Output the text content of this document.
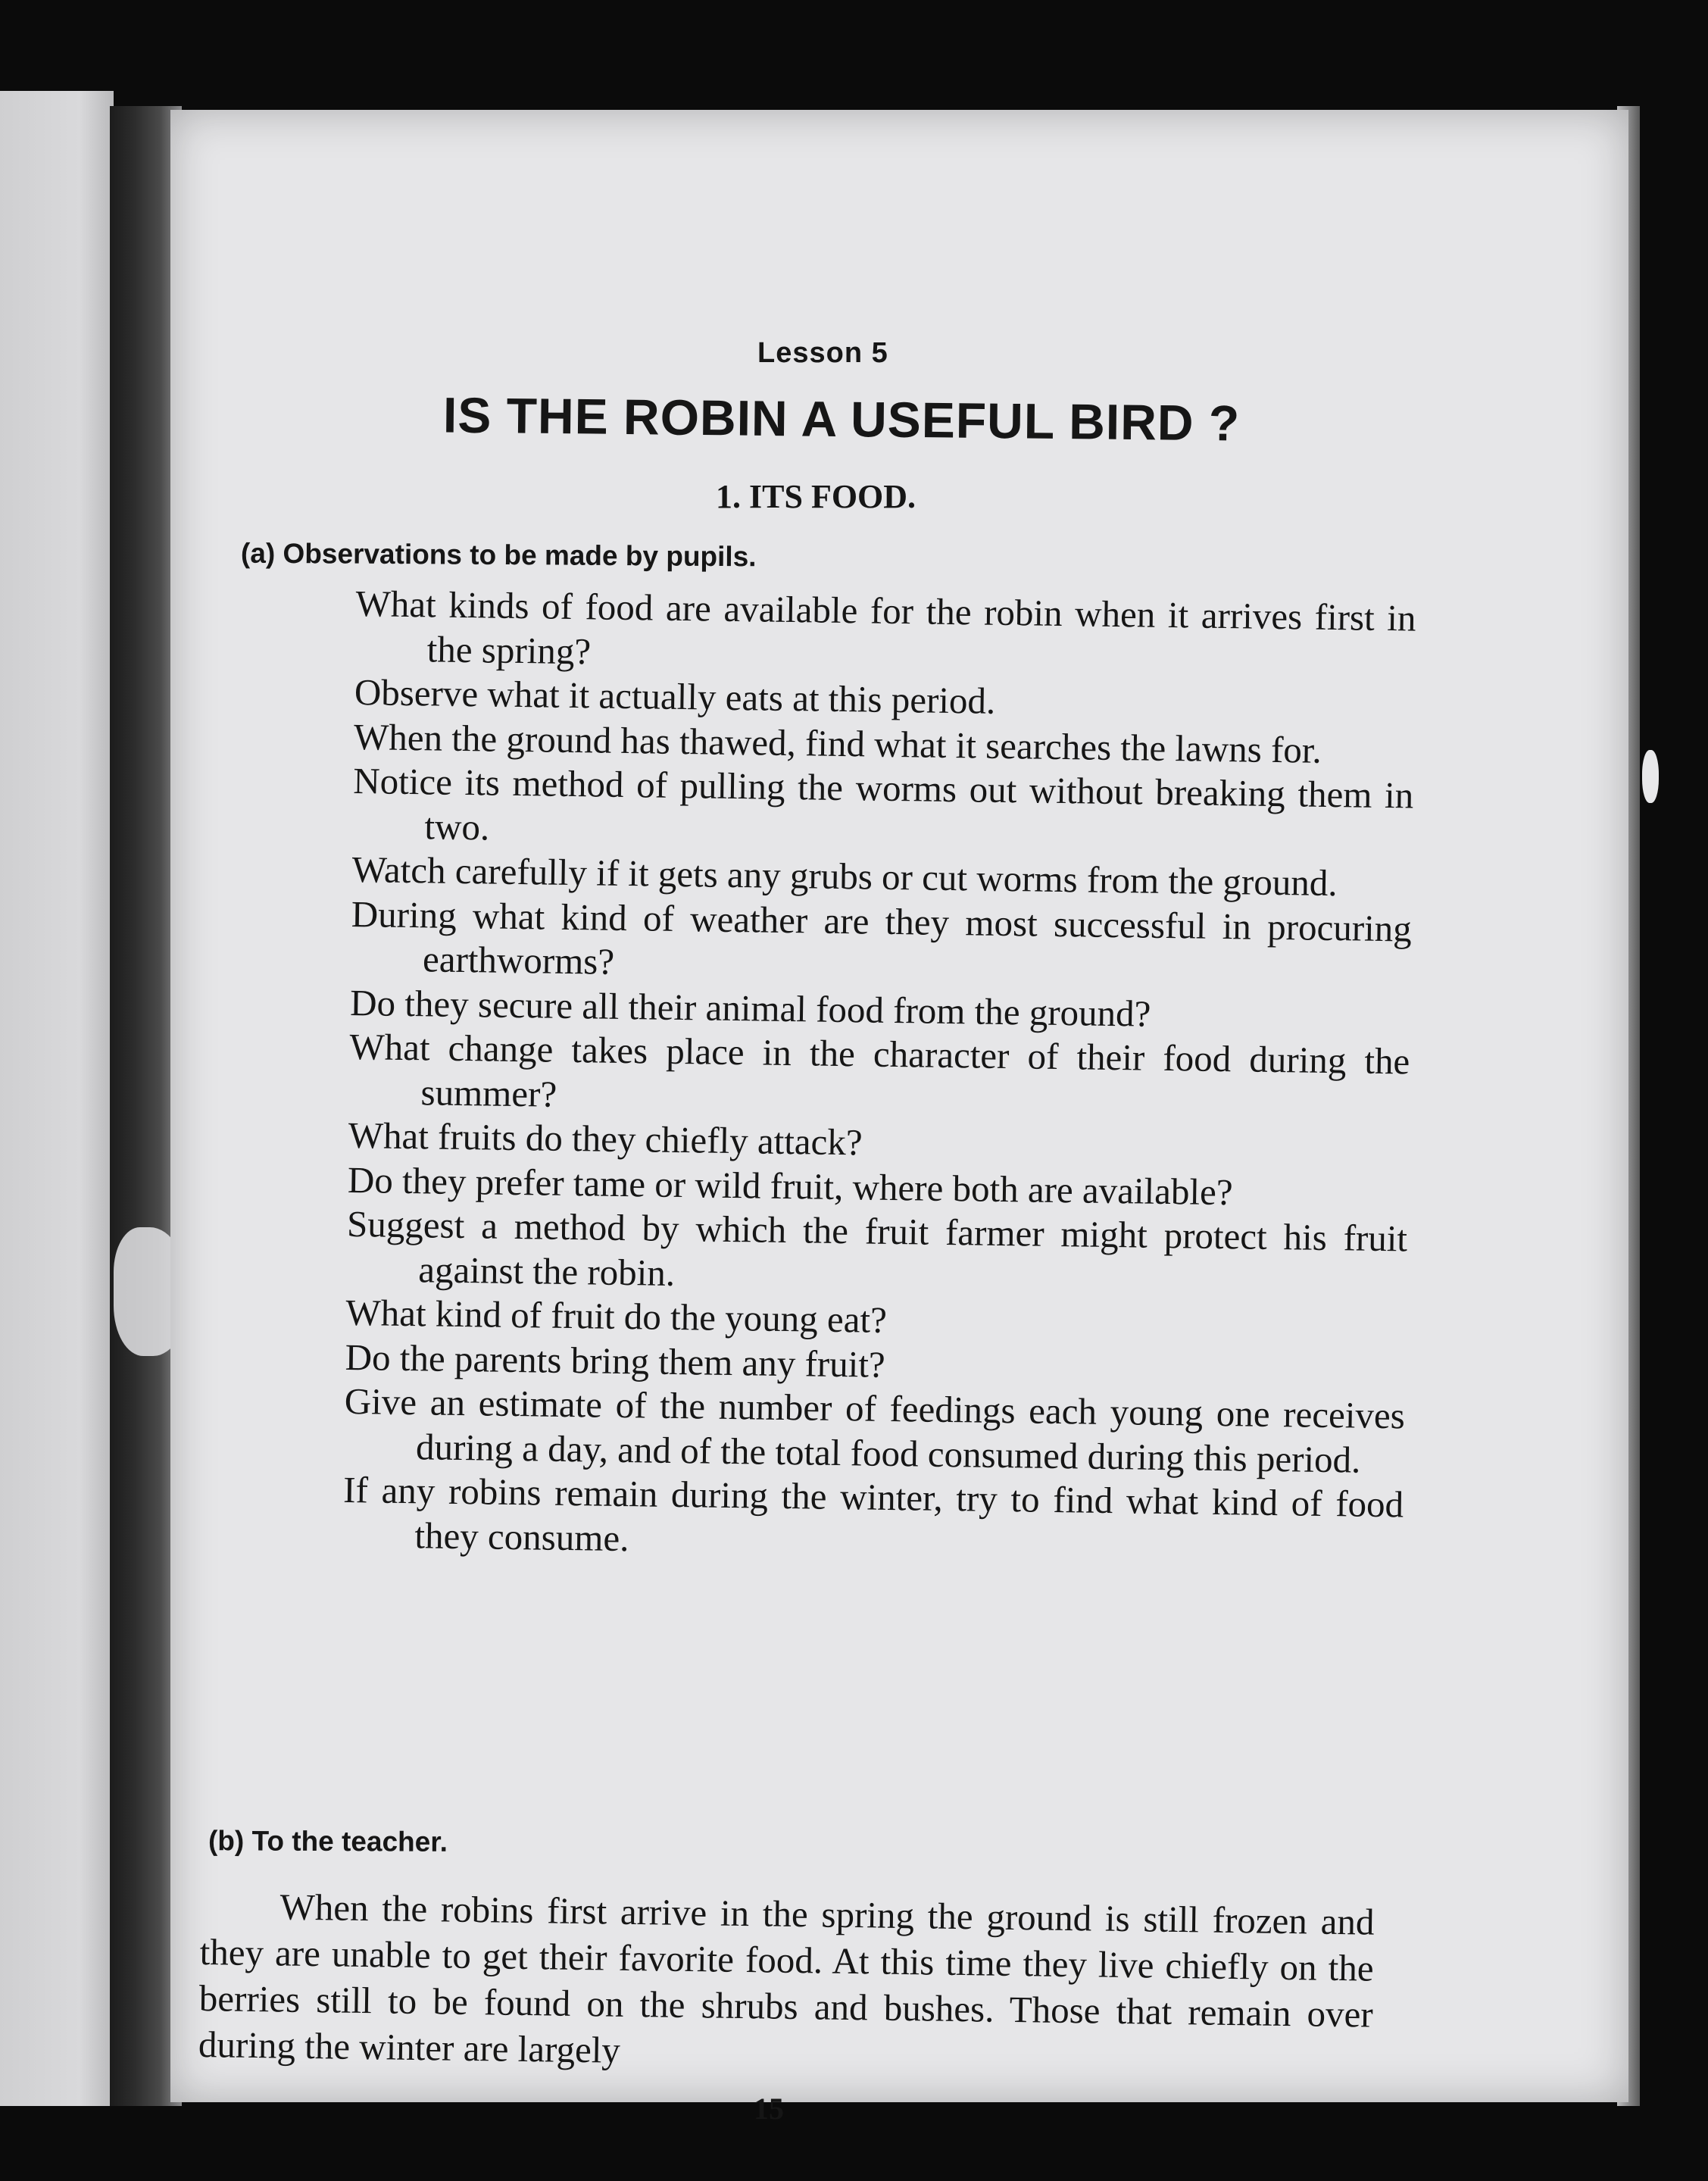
Lesson 5
IS THE ROBIN A USEFUL BIRD ?
1. ITS FOOD.
(a) Observations to be made by pupils.
What kinds of food are available for the robin when it arrives first in the spring?
Observe what it actually eats at this period.
When the ground has thawed, find what it searches the lawns for.
Notice its method of pulling the worms out without breaking them in two.
Watch carefully if it gets any grubs or cut worms from the ground.
During what kind of weather are they most successful in procuring earthworms?
Do they secure all their animal food from the ground?
What change takes place in the character of their food during the summer?
What fruits do they chiefly attack?
Do they prefer tame or wild fruit, where both are available?
Suggest a method by which the fruit farmer might protect his fruit against the robin.
What kind of fruit do the young eat?
Do the parents bring them any fruit?
Give an estimate of the number of feedings each young one receives during a day, and of the total food consumed during this period.
If any robins remain during the winter, try to find what kind of food they consume.
(b) To the teacher.

When the robins first arrive in the spring the ground is still frozen and they are unable to get their favorite food. At this time they live chiefly on the berries still to be found on the shrubs and bushes. Those that remain over during the winter are largely

15
